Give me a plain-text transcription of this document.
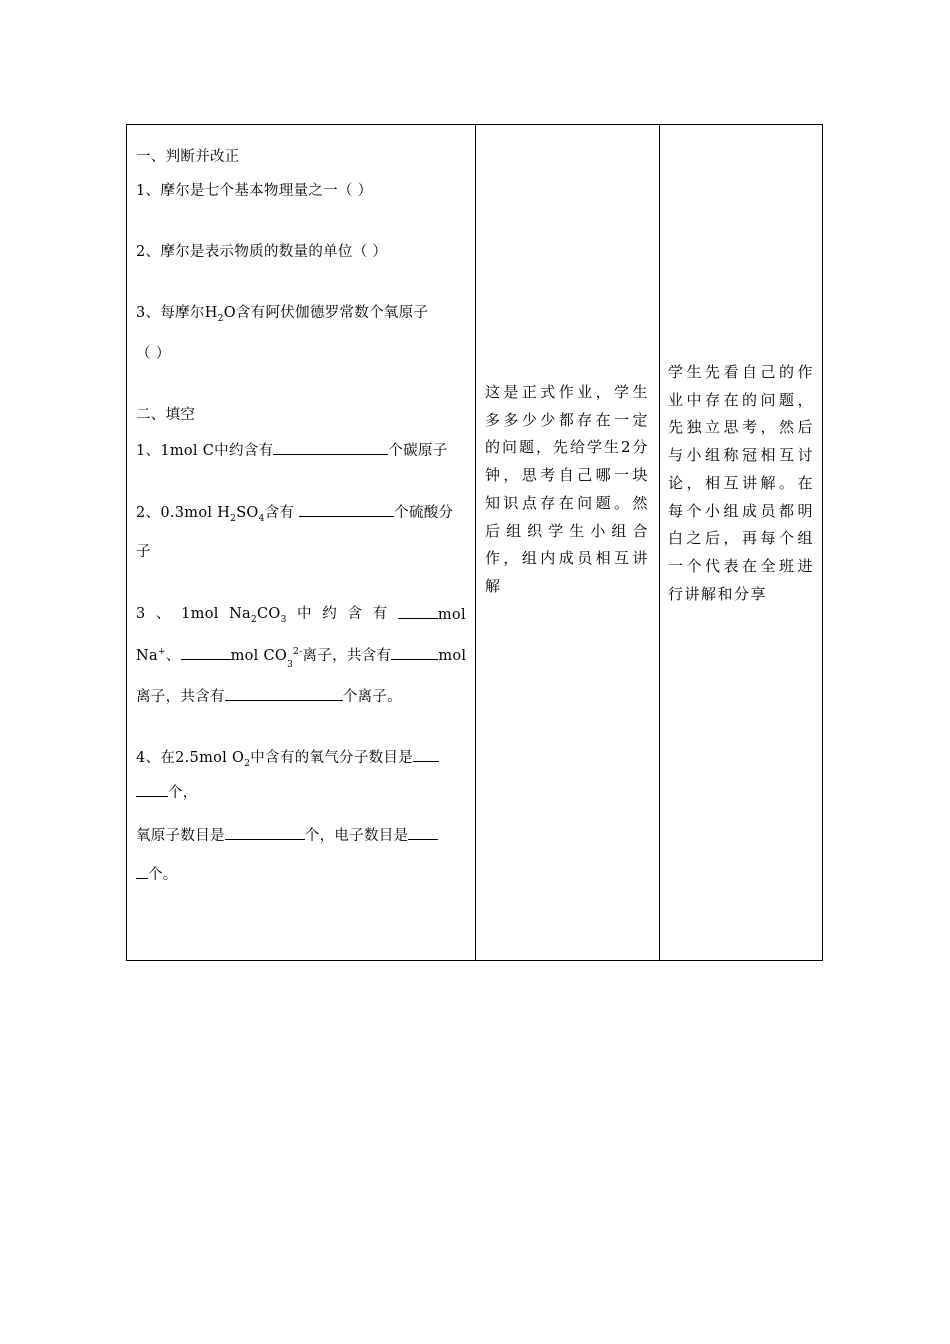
一、判断并改正
1、摩尔是七个基本物理量之一（ ）
2、摩尔是表示物质的数量的单位（ ）
3、每摩尔$H_2O$含有阿伏伽德罗常数个氧原子
（ ）
二、填空
1、1mol C中约含有	个碳原子
2、0.3mol $H_2SO_4$含有	个硫酸分
子
3 、 1mol $Na_2CO_3$ 中 约 含 有	mol
Na+、	mol $CO_3^{2-}$离子，共含有	mol
离子，共含有	个离子。
4、在2.5mol $O_2$中含有的氧气分子数目是
个，
氧原子数目是	个，电子数目是
个。

这是正式作业，学生多多少少都存在一定的问题，先给学生2分钟，思考自己哪一块知识点存在问题。然后组织学生小组合作，组内成员相互讲解

学生先看自己的作业中存在的问题，先独立思考，然后与小组称冠相互讨论，相互讲解。在每个小组成员都明白之后，再每个组一个代表在全班进行讲解和分享
